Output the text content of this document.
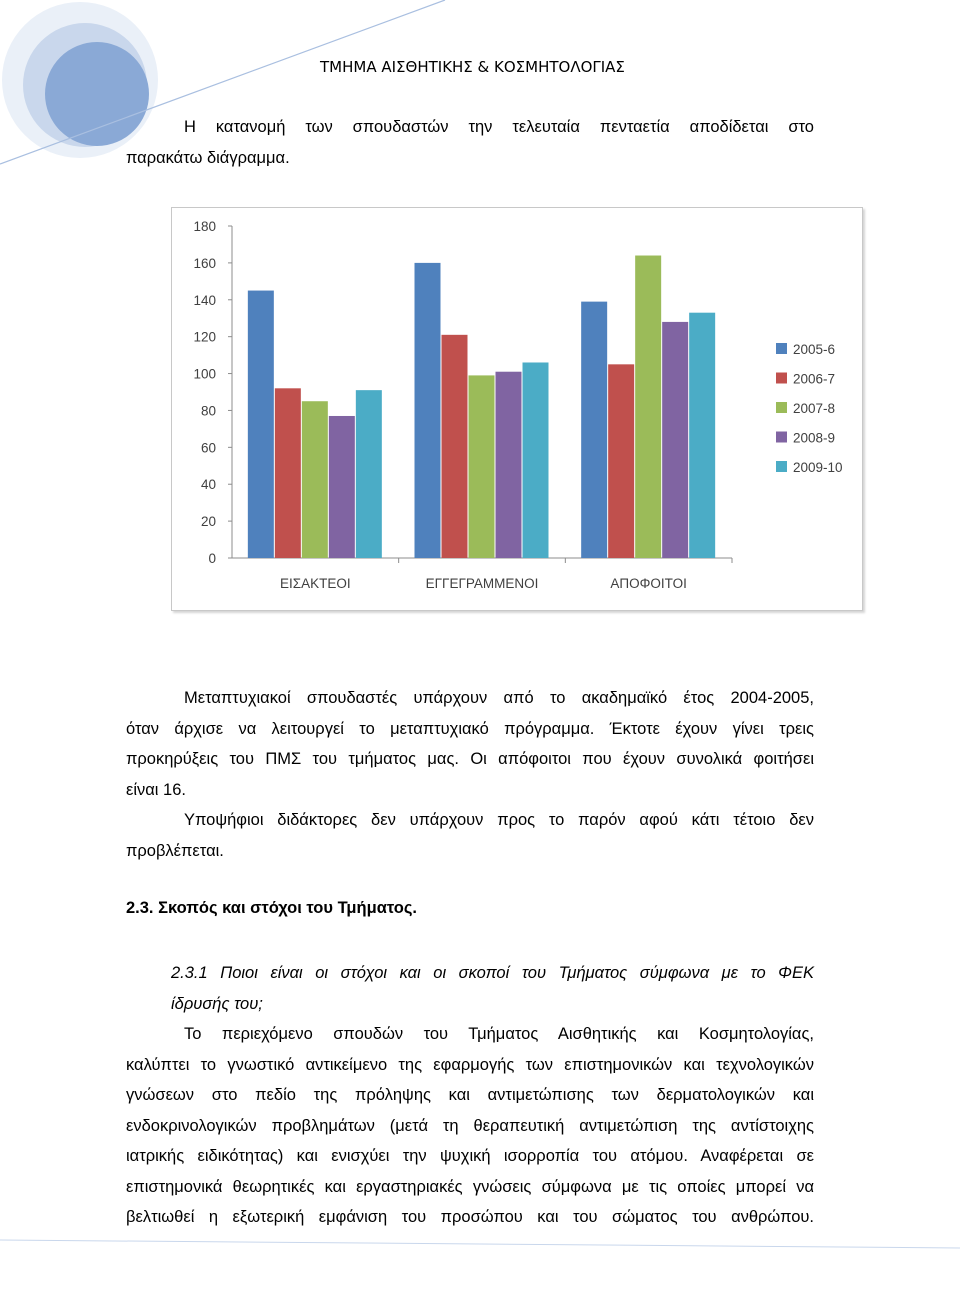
ΤΜΗΜΑ ΑΙΣΘΗΤΙΚΗΣ & ΚΟΣΜΗΤΟΛΟΓΙΑΣ
Η κατανομή των σπουδαστών την τελευταία πενταετία αποδίδεται στο
παρακάτω διάγραμμα.
0
20
40
60
80
100
120
140
160
180
ΕΙΣΑΚΤΕΟΙ	ΕΓΓΕΓΡΑΜΜΕΝΟΙ	ΑΠΟΦΟΙΤΟΙ
2005-6
2006-7
2007-8
2008-9
2009-10
Μεταπτυχιακοί σπουδαστές υπάρχουν από το ακαδημαϊκό έτος 2004-2005,
όταν άρχισε να λειτουργεί το μεταπτυχιακό πρόγραμμα. Έκτοτε έχουν γίνει τρεις
προκηρύξεις του ΠΜΣ του τμήματος μας. Οι απόφοιτοι που έχουν συνολικά φοιτήσει
είναι 16.
Υποψήφιοι διδάκτορες δεν υπάρχουν προς το παρόν αφού κάτι τέτοιο δεν
προβλέπεται.
2.3. Σκοπός και στόχοι του Τμήματος.
2.3.1 Ποιοι είναι οι στόχοι και οι σκοποί του Τμήματος σύμφωνα με το ΦΕΚ
ίδρυσής του;
Το περιεχόμενο σπουδών του Τμήματος Αισθητικής και Κοσμητολογίας,
καλύπτει το γνωστικό αντικείμενο της εφαρμογής των επιστημονικών και τεχνολογικών
γνώσεων στο πεδίο της πρόληψης και αντιμετώπισης των δερματολογικών και
ενδοκρινολογικών προβλημάτων (μετά τη θεραπευτική αντιμετώπιση της αντίστοιχης
ιατρικής ειδικότητας) και ενισχύει την ψυχική ισορροπία του ατόμου. Αναφέρεται σε
επιστημονικά θεωρητικές και εργαστηριακές γνώσεις σύμφωνα με τις οποίες μπορεί να
βελτιωθεί η εξωτερική εμφάνιση του προσώπου και του σώματος του ανθρώπου.
